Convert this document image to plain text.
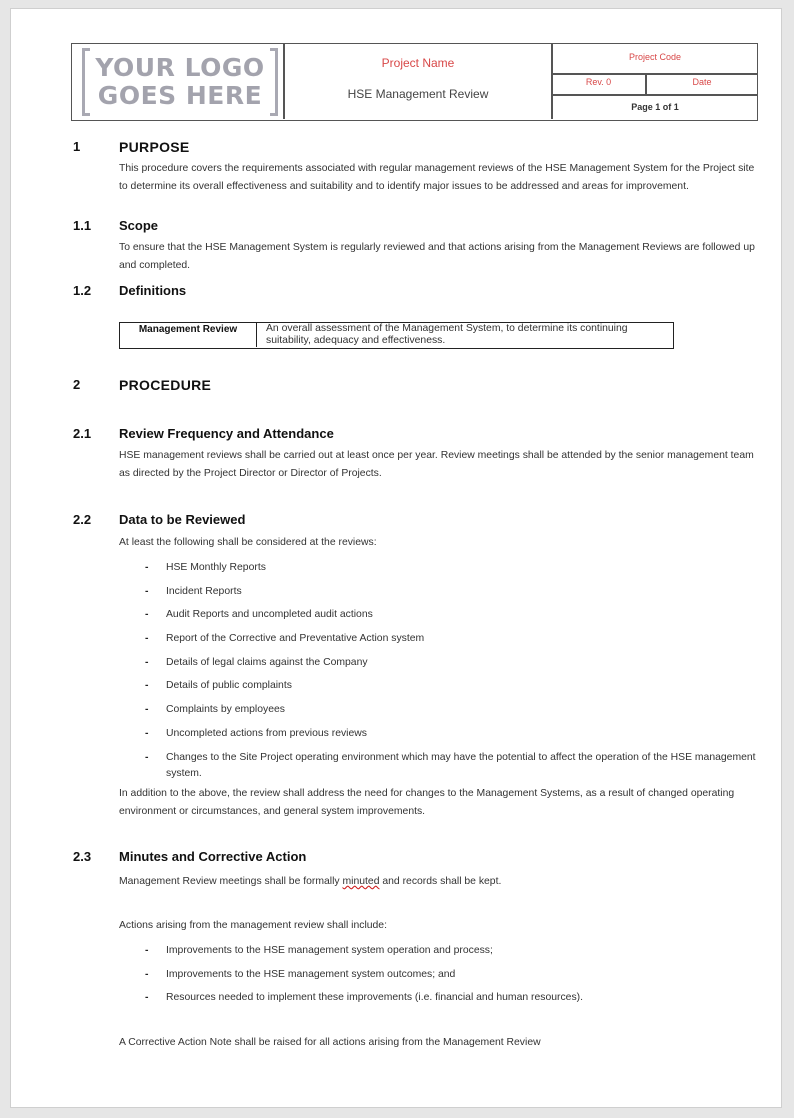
YOUR LOGO
GOES HERE
Project Name
HSE Management Review
Project Code
Rev. 0	Date
Page 1 of 1
1	PURPOSE
This procedure covers the requirements associated with regular management reviews of the HSE Management System for the Project site to determine its overall effectiveness and suitability and to identify major issues to be addressed and areas for improvement.
1.1 Scope
To ensure that the HSE Management System is regularly reviewed and that actions arising from the Management Reviews are followed up and completed.
1.2 Definitions
Management Review	An overall assessment of the Management System, to determine its continuing suitability, adequacy and effectiveness.
2	PROCEDURE
2.1 Review Frequency and Attendance
HSE management reviews shall be carried out at least once per year. Review meetings shall be attended by the senior management team as directed by the Project Director or Director of Projects.
2.2 Data to be Reviewed
At least the following shall be considered at the reviews:
- HSE Monthly Reports
- Incident Reports
- Audit Reports and uncompleted audit actions
- Report of the Corrective and Preventative Action system
- Details of legal claims against the Company
- Details of public complaints
- Complaints by employees
- Uncompleted actions from previous reviews
- Changes to the Site Project operating environment which may have the potential to affect the operation of the HSE management system.
In addition to the above, the review shall address the need for changes to the Management Systems, as a result of changed operating environment or circumstances, and general system improvements.
2.3 Minutes and Corrective Action
Management Review meetings shall be formally minuted and records shall be kept.
Actions arising from the management review shall include:
- Improvements to the HSE management system operation and process;
- Improvements to the HSE management system outcomes; and
- Resources needed to implement these improvements (i.e. financial and human resources).
A Corrective Action Note shall be raised for all actions arising from the Management Review
